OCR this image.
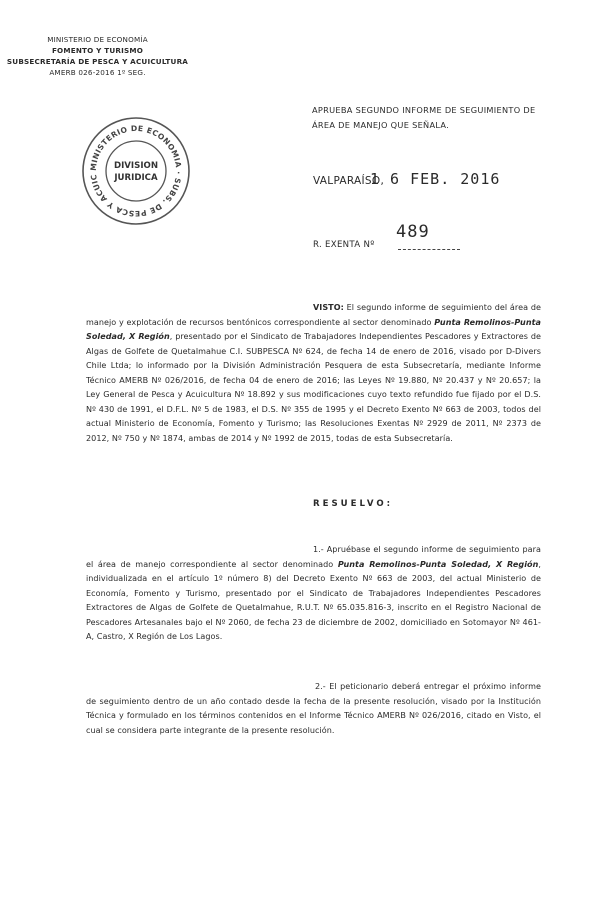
MINISTERIO DE ECONOMÍA
FOMENTO Y TURISMO
SUBSECRETARÍA DE PESCA Y ACUICULTURA
AMERB 026-2016 1º SEG.
MINISTERIO DE ECONOMIA · SUBS. DE PESCA Y ACUIC
DIVISION
JURIDICA
APRUEBA SEGUNDO INFORME DE SEGUIMIENTO DE ÁREA DE MANEJO QUE SEÑALA.
VALPARAÍSO,
1 6 FEB. 2016
489
R. EXENTA Nº
VISTO: El segundo informe de seguimiento del área de manejo y explotación de recursos bentónicos correspondiente al sector denominado Punta Remolinos-Punta Soledad, X Región, presentado por el Sindicato de Trabajadores Independientes Pescadores y Extractores de Algas de Golfete de Quetalmahue C.I. SUBPESCA Nº 624, de fecha 14 de enero de 2016, visado por D-Divers Chile Ltda; lo informado por la División Administración Pesquera de esta Subsecretaría, mediante Informe Técnico AMERB Nº 026/2016, de fecha 04 de enero de 2016; las Leyes Nº 19.880, Nº 20.437 y Nº 20.657; la Ley General de Pesca y Acuicultura Nº 18.892 y sus modificaciones cuyo texto refundido fue fijado por el D.S. Nº 430 de 1991, el D.F.L. Nº 5 de 1983, el D.S. Nº 355 de 1995 y el Decreto Exento Nº 663 de 2003, todos del actual Ministerio de Economía, Fomento y Turismo; las Resoluciones Exentas Nº 2929 de 2011, Nº 2373 de 2012, Nº 750 y Nº 1874, ambas de 2014 y Nº 1992 de 2015, todas de esta Subsecretaría.
RESUELVO:
1.- Apruébase el segundo informe de seguimiento para el área de manejo correspondiente al sector denominado Punta Remolinos-Punta Soledad, X Región, individualizada en el artículo 1º número 8) del Decreto Exento Nº 663 de 2003, del actual Ministerio de Economía, Fomento y Turismo, presentado por el Sindicato de Trabajadores Independientes Pescadores Extractores de Algas de Golfete de Quetalmahue, R.U.T. Nº 65.035.816-3, inscrito en el Registro Nacional de Pescadores Artesanales bajo el Nº 2060, de fecha 23 de diciembre de 2002, domiciliado en Sotomayor Nº 461-A, Castro, X Región de Los Lagos.
2.- El peticionario deberá entregar el próximo informe de seguimiento dentro de un año contado desde la fecha de la presente resolución, visado por la Institución Técnica y formulado en los términos contenidos en el Informe Técnico AMERB Nº 026/2016, citado en Visto, el cual se considera parte integrante de la presente resolución.
